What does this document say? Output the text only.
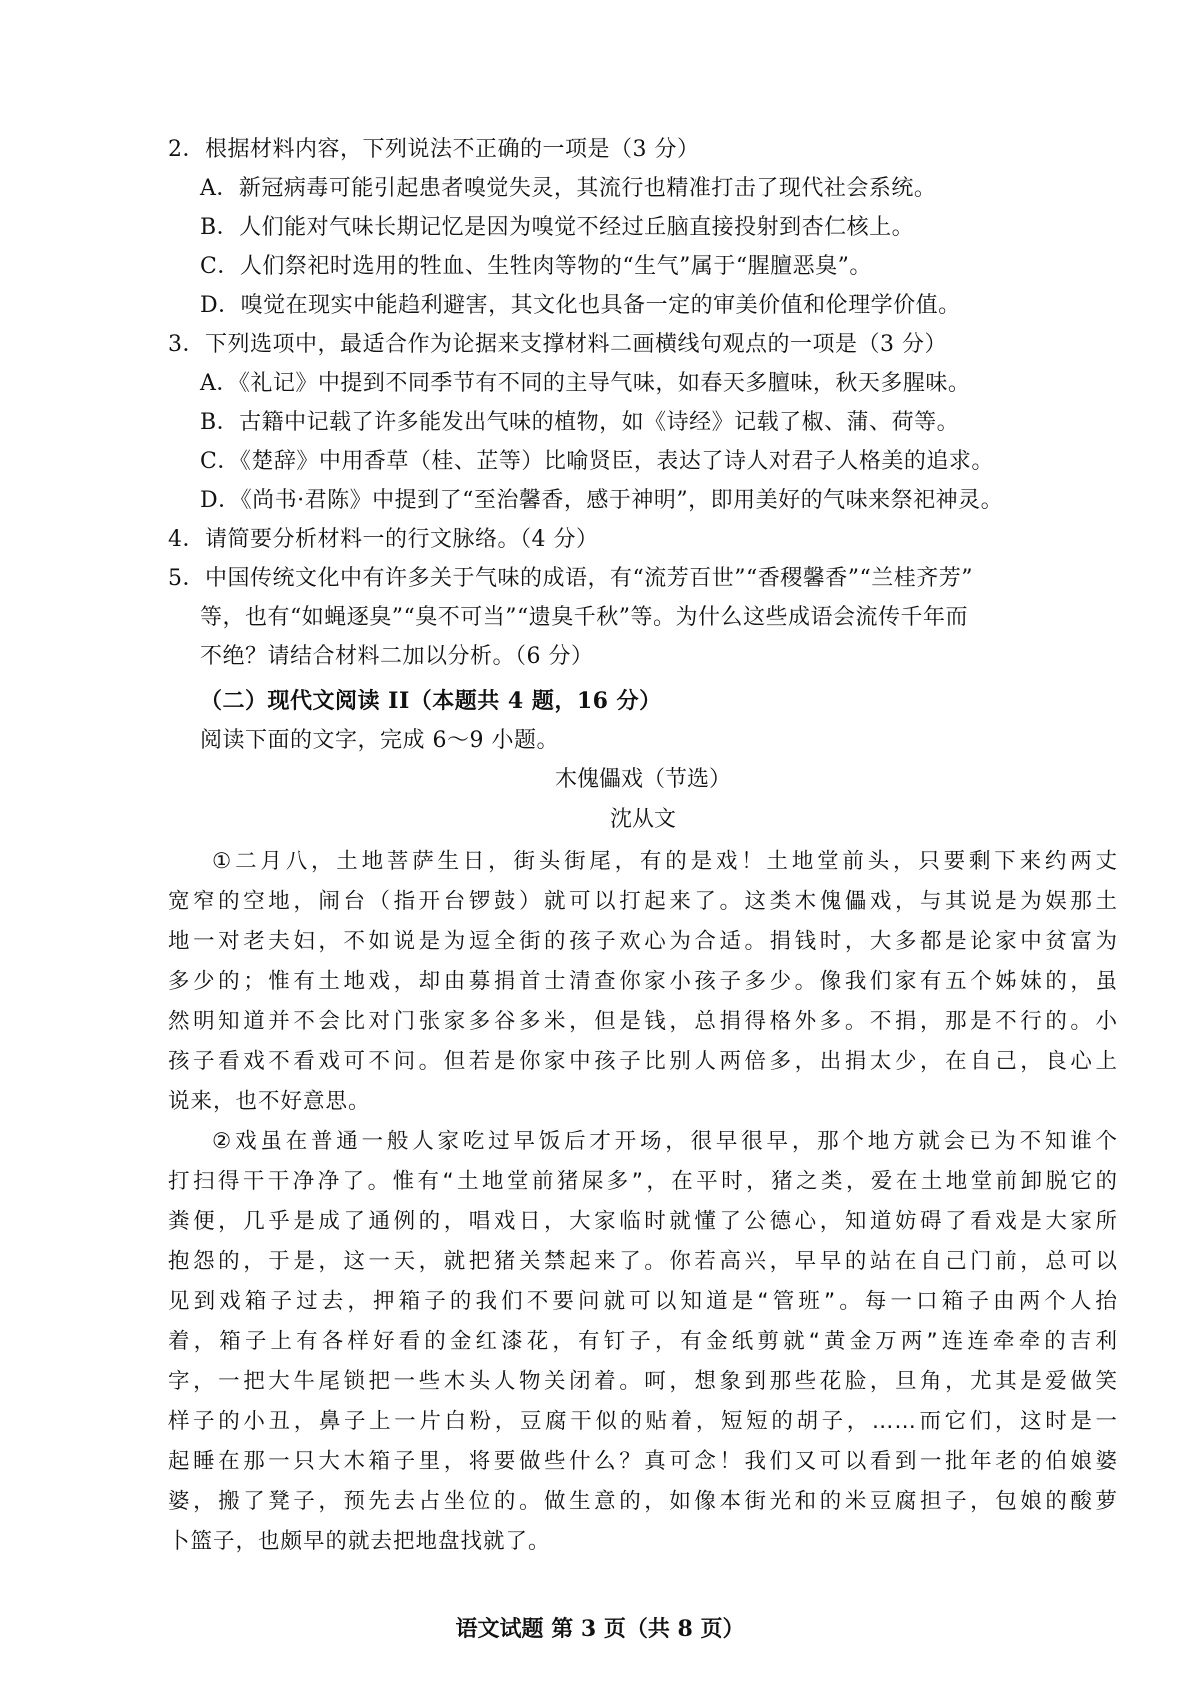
2．根据材料内容，下列说法不正确的一项是（3 分）
A．新冠病毒可能引起患者嗅觉失灵，其流行也精准打击了现代社会系统。
B．人们能对气味长期记忆是因为嗅觉不经过丘脑直接投射到杏仁核上。
C．人们祭祀时选用的牲血、生牲肉等物的“生气”属于“腥膻恶臭”。
D．嗅觉在现实中能趋利避害，其文化也具备一定的审美价值和伦理学价值。
3．下列选项中，最适合作为论据来支撑材料二画横线句观点的一项是（3 分）
A．《礼记》中提到不同季节有不同的主导气味，如春天多膻味，秋天多腥味。
B．古籍中记载了许多能发出气味的植物，如《诗经》记载了椒、蒲、荷等。
C．《楚辞》中用香草（桂、芷等）比喻贤臣，表达了诗人对君子人格美的追求。
D．《尚书·君陈》中提到了“至治馨香，感于神明”，即用美好的气味来祭祀神灵。
4．请简要分析材料一的行文脉络。（4 分）
5．中国传统文化中有许多关于气味的成语，有“流芳百世”“香稷馨香”“兰桂齐芳”
等，也有“如蝇逐臭”“臭不可当”“遗臭千秋”等。为什么这些成语会流传千年而
不绝？请结合材料二加以分析。（6 分）
（二）现代文阅读 II（本题共 4 题，16 分）
阅读下面的文字，完成 6～9 小题。
木傀儡戏（节选）
沈从文
①二月八，土地菩萨生日，街头街尾，有的是戏！土地堂前头，只要剩下来约两丈
宽窄的空地，闹台（指开台锣鼓）就可以打起来了。这类木傀儡戏，与其说是为娱那土
地一对老夫妇，不如说是为逗全街的孩子欢心为合适。捐钱时，大多都是论家中贫富为
多少的；惟有土地戏，却由募捐首士清查你家小孩子多少。像我们家有五个姊妹的，虽
然明知道并不会比对门张家多谷多米，但是钱，总捐得格外多。不捐，那是不行的。小
孩子看戏不看戏可不问。但若是你家中孩子比别人两倍多，出捐太少，在自己，良心上
说来，也不好意思。
②戏虽在普通一般人家吃过早饭后才开场，很早很早，那个地方就会已为不知谁个
打扫得干干净净了。惟有“土地堂前猪屎多”，在平时，猪之类，爱在土地堂前卸脱它的
粪便，几乎是成了通例的，唱戏日，大家临时就懂了公德心，知道妨碍了看戏是大家所
抱怨的，于是，这一天，就把猪关禁起来了。你若高兴，早早的站在自己门前，总可以
见到戏箱子过去，押箱子的我们不要问就可以知道是“管班”。每一口箱子由两个人抬
着，箱子上有各样好看的金红漆花，有钉子，有金纸剪就“黄金万两”连连牵牵的吉利
字，一把大牛尾锁把一些木头人物关闭着。呵，想象到那些花脸，旦角，尤其是爱做笑
样子的小丑，鼻子上一片白粉，豆腐干似的贴着，短短的胡子，……而它们，这时是一
起睡在那一只大木箱子里，将要做些什么？真可念！我们又可以看到一批年老的伯娘婆
婆，搬了凳子，预先去占坐位的。做生意的，如像本街光和的米豆腐担子，包娘的酸萝
卜篮子，也颇早的就去把地盘找就了。
语文试题 第 3 页（共 8 页）
